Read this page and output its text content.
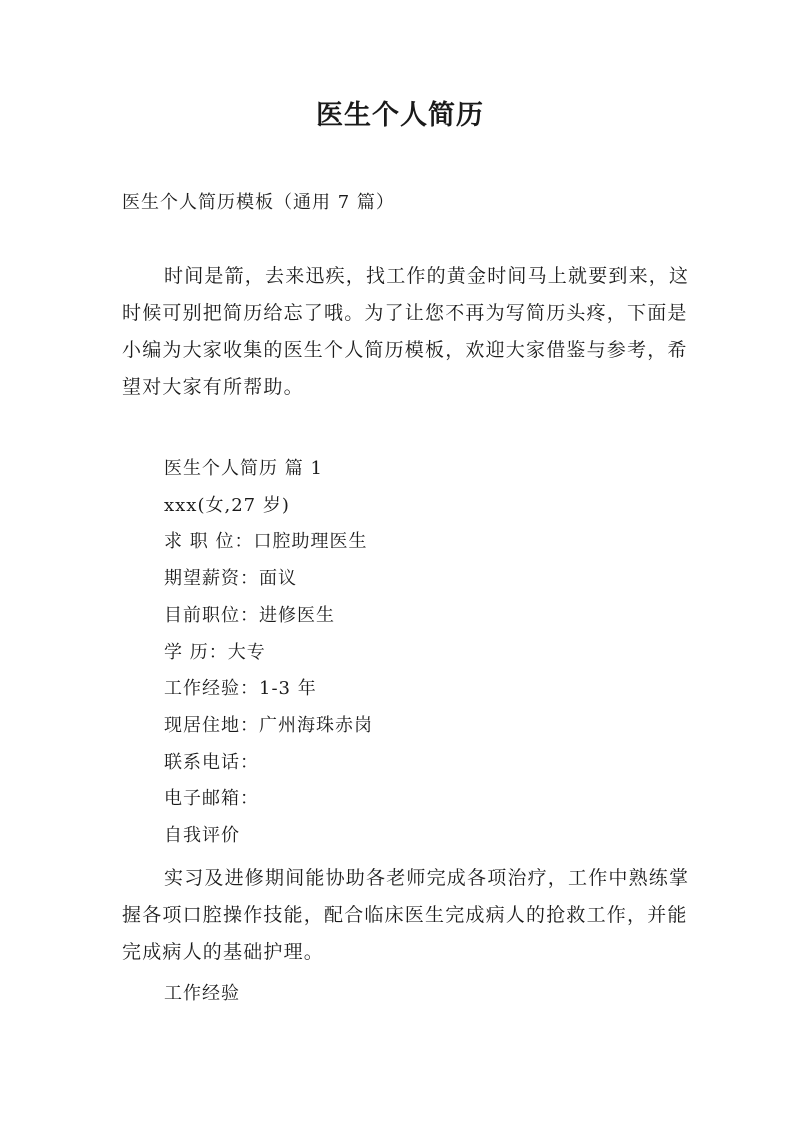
医生个人简历
医生个人简历模板（通用 7 篇）

时间是箭，去来迅疾，找工作的黄金时间马上就要到来，这时候可别把简历给忘了哦。为了让您不再为写简历头疼，下面是小编为大家收集的医生个人简历模板，欢迎大家借鉴与参考，希望对大家有所帮助。

医生个人简历 篇 1
xxx(女,27 岁)
求 职 位：口腔助理医生
期望薪资：面议
目前职位：进修医生
学 历：大专
工作经验：1-3 年
现居住地：广州海珠赤岗
联系电话：
电子邮箱：
自我评价

实习及进修期间能协助各老师完成各项治疗，工作中熟练掌握各项口腔操作技能，配合临床医生完成病人的抢救工作，并能完成病人的基础护理。

工作经验
